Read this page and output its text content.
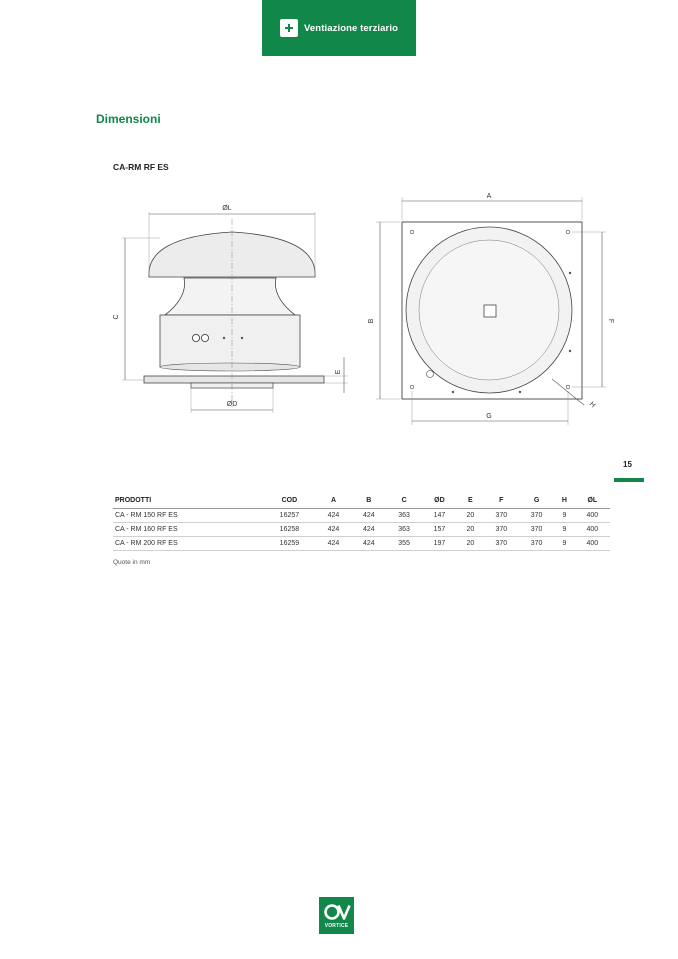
Ventiazione terziario
Dimensioni
CA-RM RF ES
ØL
C
E
ØD
A
B	F
G
H
15
PRODOTTI	COD	A	B	C	ØD	E	F	G	H	ØL
CA - RM 150 RF ES	16257	424	424	363	147	20	370	370	9	400
CA - RM 160 RF ES	16258	424	424	363	157	20	370	370	9	400
CA - RM 200 RF ES	16259	424	424	355	197	20	370	370	9	400
Quote in mm
VORTICE
